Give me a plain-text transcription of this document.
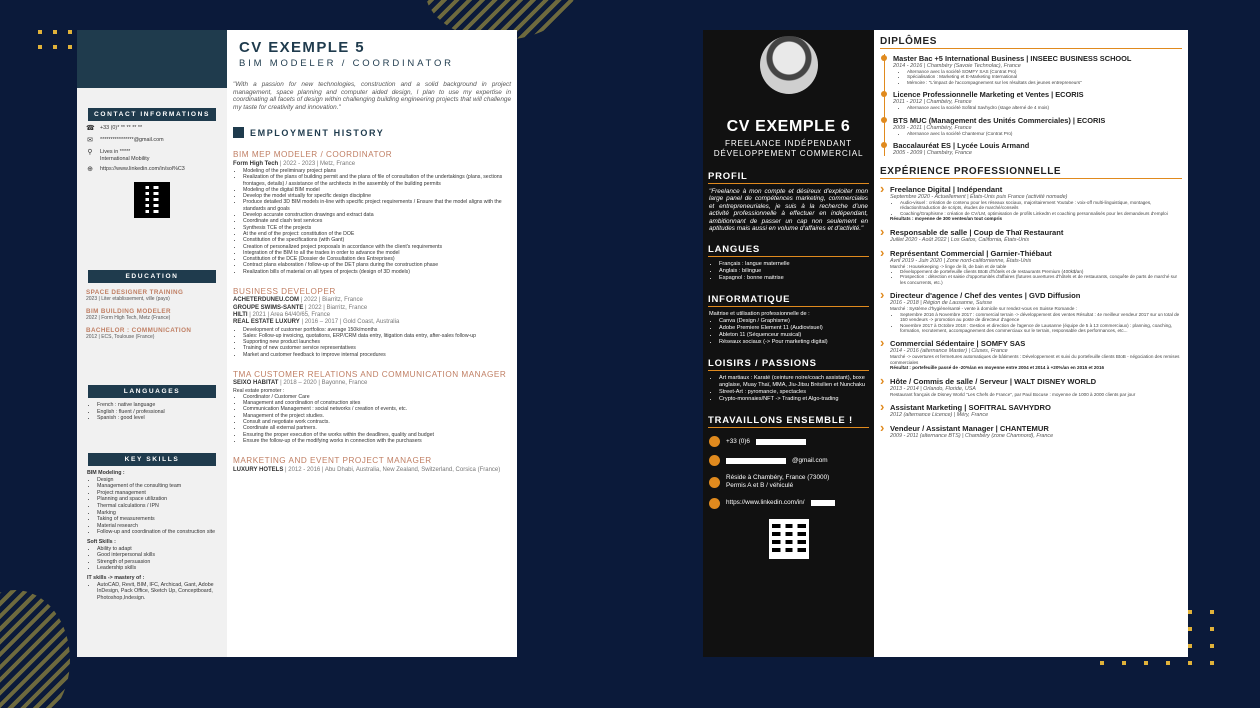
CONTACT INFORMATIONS
☎ +33 (0)* ** ** ** **
✉ ****************@gmail.com
⚲ Lives in *****
International Mobility
⊕ https://www.linkedin.com/in/sol%C3
EDUCATION
SPACE DESIGNER TRAINING
2023 | Liter etablissement, ville (pays)
BIM BUILDING MODELER
2022 | Form High Tech, Metz (France)
BACHELOR : COMMUNICATION
2012 | ECS, Toulouse (France)
LANGUAGES
• French : native language
• English : fluent / professional
• Spanish : good level
KEY SKILLS
BIM Modeling :
• Design
• Management of the consulting team
• Project management
• Planning and space utilization
• Thermal calculations / IPN
• Marking
• Taking of measurements
• Material research
• Follow-up and coordination of the construction site
Soft Skills :
• Ability to adapt
• Good interpersonal skills
• Strength of persuasion
• Leadership skills
IT skills -> mastery of :
• AutoCAD, Revit, BIM, IFC, Archicad, Gant, Adobe InDesign, Pack Office, Sketch Up, Conceptboard, Photoshop,Indesign.
CV EXEMPLE 5
BIM MODELER / COORDINATOR
"With a passion for new technologies, construction and a solid background in project management, space planning and computer aided design, I plan to use my expertise in coordinating all facets of design within challenging building engineering projects that will challenge my taste for creativity and innovation."
EMPLOYMENT HISTORY
BIM MEP MODELER / COORDINATOR
Form High Tech | 2022 - 2023 | Metz, France
• Modeling of the preliminary project plans
• Realization of the plans of building permit and the plans of file of consultation of the undertakings (plans, sections frontages, details) / assistance of the architects in the assembly of the building permits
• Modeling of the digital BIM model
• Develop the model virtually for specific design discipline
• Produce detailed 3D BIM models in-line with specific project requirements / Ensure that the model aligns with the standards and goals
• Develop accurate construction drawings and extract data
• Coordinate and clash test services
• Synthesis TCE of the projects
• At the end of the project: constitution of the DOE
• Constitution of the specifications (with Gant)
• Creation of personalized project proposals in accordance with the client's requirements
• Integration of the BIM to all the trades in order to advance the model
• Constitution of the DCE (Dossier de Consultation des Entreprises)
• Contract plans elaboration / follow-up of the DET plans during the construction phase
• Realization bills of material on all types of projects (design of 3D models)
BUSINESS DEVELOPER
ACHETERDUNEU.COM | 2022 | Biarritz, France
GROUPE SWIMS-SANTE | 2022 | Biarritz, France
HILTI | 2021 | Area 64/40/65, France
REAL ESTATE LUXURY | 2016 – 2017 | Gold Coast, Australia
• Development of customer portfolios: average 150k/months
• Sales: Follow-up invoicing, quotations, ERP/CRM data entry, litigation data entry, after-sales follow-up
• Supporting new product launches
• Training of new customer service representatives
• Market and customer feedback to improve internal procedures
TMA CUSTOMER RELATIONS AND COMMUNICATION MANAGER
SEIXO HABITAT | 2018 – 2020 | Bayonne, France
Real estate promoter :
• Coordinator / Customer Care
• Management and coordination of construction sites
• Communication Management : social networks / creation of events, etc.
• Management of the project studies.
• Consult and negotiate work contracts.
• Coordinate all external partners.
• Ensuring the proper execution of the works within the deadlines, quality and budget
• Ensure the follow-up of the modifying works in connection with the purchasers
MARKETING AND EVENT PROJECT MANAGER
LUXURY HOTELS | 2012 - 2016 | Abu Dhabi, Australia, New Zealand, Switzerland, Corsica (France)
CV EXEMPLE 6
FREELANCE INDÉPENDANT
DÉVELOPPEMENT COMMERCIAL
PROFIL
"Freelance à mon compte et désireux d'exploiter mon large panel de compétences marketing, commerciales et entrepreneuriales, je suis à la recherche d'une activité professionnelle à effectuer en indépendant, ambitionnant de passer un cap non seulement en aptitudes mais aussi en volume d'affaires et d'activité."
LANGUES
• Français : langue maternelle
• Anglais : bilingue
• Espagnol : bonne maitrise
INFORMATIQUE
Maitrise et utilisation professionnelle de :
• Canva (Design / Graphisme)
• Adobe Premiere Element 11 (Audiovisuel)
• Ableton 11 (Séquenceur musical)
• Réseaux sociaux (-> Pour marketing digital)
LOISIRS / PASSIONS
• Art martiaux : Karaté (ceinture noire/coach assistant), boxe anglaise, Muay Thaï, MMA, Jiu-Jitsu Brésilien et Nunchaku
• Street-Art : pyromancie, spectacles
• Crypto-monnaies/NFT -> Trading et Algo-trading
TRAVAILLONS ENSEMBLE !
+33 (0)6
@gmail.com
Réside à Chambéry, France (73000)
Permis A et B / véhiculé
https://www.linkedin.com/in/
DIPLÔMES
Master Bac +5 International Business | INSEEC BUSINESS SCHOOL
2014 - 2016 | Chambéry (Savoie Technolac), France
• Alternance avec la société SOMFY SAS (Contrat Pro)
• Spécialisation : Marketing et E-Marketing International
• Mémoire : "L'impact de l'accompagnement sur les résultats des jeunes entrepreneurs"
Licence Professionnelle Marketing et Ventes | ECORIS
2011 - 2012 | Chambéry, France
• Alternance avec la société Sofitral Savhydro (stage alterné de 4 mois)
BTS MUC (Management des Unités Commerciales) | ECORIS
2009 - 2011 | Chambéry, France
• Alternance avec la société Chantemur (Contrat Pro)
Baccalauréat ES | Lycée Louis Armand
2005 - 2009 | Chambéry, France
EXPÉRIENCE PROFESSIONNELLE
› Freelance Digital | Indépendant
Septembre 2020 - Actuellement | États-Unis puis France (activité nomade)
• Audio-visuel : création de contenu pour les réseaux sociaux, majoritairement Youtube : voix-off multi-linguistique, montages, rédaction/traduction de scripts, études de marché/conseils
• Coaching/Graphisme : création de CV/LM, optimisation de profils LinkedIn et coaching personnalisés pour les demandeurs d'emploi
Résultats : moyenne de 300 ventes/an tout compris
› Responsable de salle | Coup de Thaï Restaurant
Juillet 2020 - Août 2022 | Los Gatos, California, États-Unis
› Représentant Commercial | Garnier-Thiébaut
Avril 2019 - Juin 2020 | Zone nord-californienne, États-Unis
Marché : Housekeeping -> linge de lit, de bain et de table
• Développement de portefeuille clients BtoB d'hôtels et de restaurants Premium (400k$/an)
• Prospection : détection et saisie d'opportunités d'affaires (futures ouvertures d'hôtels et de restaurants, conquête de parts de marché sur les concurrents, etc.)
› Directeur d'agence / Chef des ventes | GVD Diffusion
2016 - 2018 | Région de Lausanne, Suisse
Marché : Système d'hygiène/santé - vente à domicile sur rendez-vous en Suisse Romande :
• Septembre 2016 à Novembre 2017 : commercial terrain -> développement des ventes Résultat : 4e meilleur vendeur 2017 sur un total de 150 vendeurs -> promotion au poste de directeur d'agence
• Novembre 2017 à Octobre 2018 : Gestion et direction de l'agence de Lausanne (équipe de 5 à 13 commerciaux) : planning, coaching, formation, recrutement, accompagnement des commerciaux sur le terrain, responsable des performances, etc...
› Commercial Sédentaire | SOMFY SAS
2014 - 2016 (alternance Master) | Cluses, France
Marché -> ouvertures et fermetures automatiques de bâtiments : Développement et suivi du portefeuille clients BtoB - négociation des remises commerciales
Résultat : portefeuille passé de -20%/an en moyenne entre 2004 et 2014 à +20%/an en 2015 et 2016
› Hôte / Commis de salle / Serveur | WALT DISNEY WORLD
2013 - 2014 | Orlando, Floride, USA
Restaurant français de Disney World "Les Chefs de France", par Paul Bocuse : moyenne de 1000 à 2000 clients par jour
› Assistant Marketing | SOFITRAL SAVHYDRO
2012 (alternance Licence) | Méry, France
› Vendeur / Assistant Manager | CHANTEMUR
2009 - 2011 (alternance BTS) | Chambéry (zone Chamnord), France
